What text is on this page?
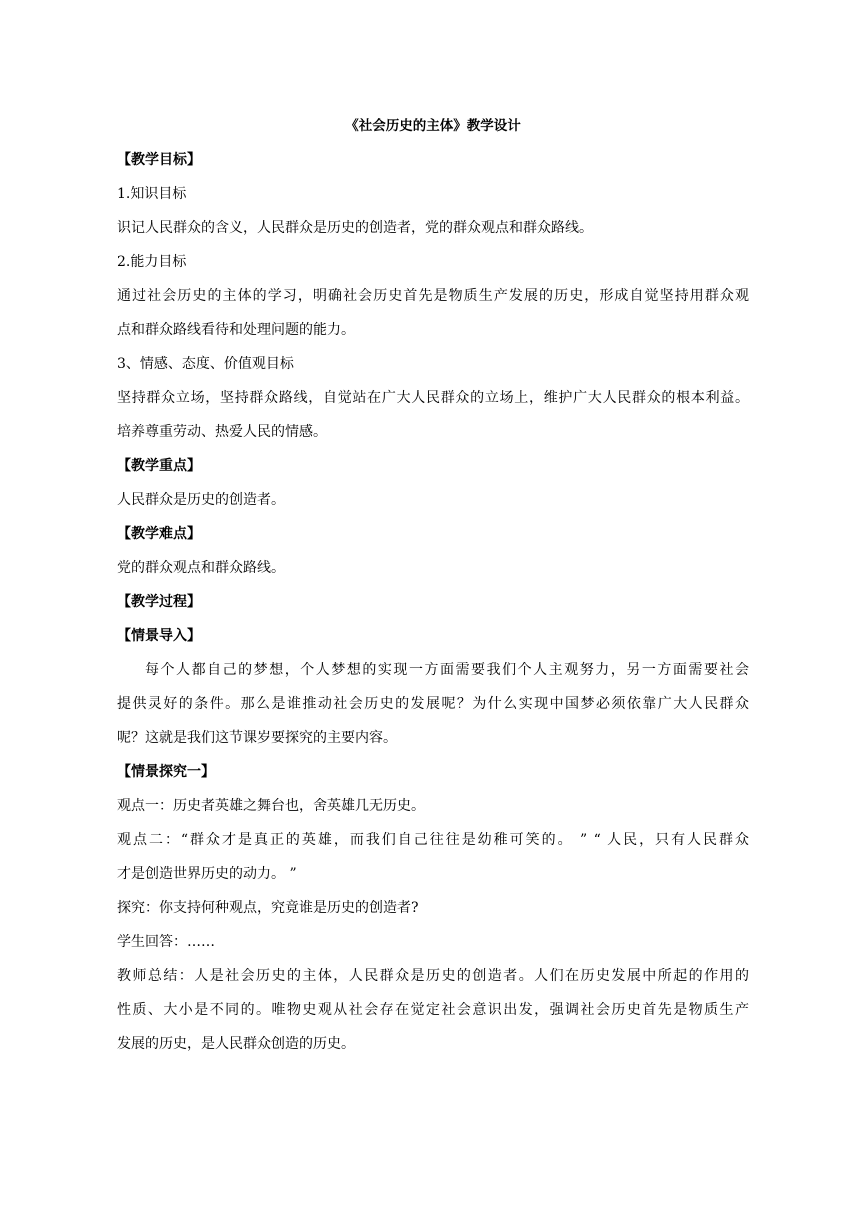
《社会历史的主体》教学设计
【教学目标】
1.知识目标
识记人民群众的含义，人民群众是历史的创造者，党的群众观点和群众路线。
2.能力目标
通过社会历史的主体的学习，明确社会历史首先是物质生产发展的历史，形成自觉坚持用群众观
点和群众路线看待和处理问题的能力。
3、情感、态度、价值观目标
坚持群众立场，坚持群众路线，自觉站在广大人民群众的立场上，维护广大人民群众的根本利益。
培养尊重劳动、热爱人民的情感。
【教学重点】
人民群众是历史的创造者。
【教学难点】
党的群众观点和群众路线。
【教学过程】
【情景导入】
每个人都自己的梦想，个人梦想的实现一方面需要我们个人主观努力，另一方面需要社会
提供灵好的条件。那么是谁推动社会历史的发展呢？为什么实现中国梦必须依靠广大人民群众
呢？这就是我们这节课岁要探究的主要内容。
【情景探究一】
观点一：历史者英雄之舞台也，舍英雄几无历史。
观点二：“群众才是真正的英雄，而我们自己往往是幼稚可笑的。 ” “ 人民，只有人民群众
才是创造世界历史的动力。 ”
探究：你支持何种观点，究竟谁是历史的创造者?
学生回答：……
教师总结：人是社会历史的主体，人民群众是历史的创造者。人们在历史发展中所起的作用的
性质、大小是不同的。唯物史观从社会存在觉定社会意识出发，强调社会历史首先是物质生产
发展的历史，是人民群众创造的历史。
